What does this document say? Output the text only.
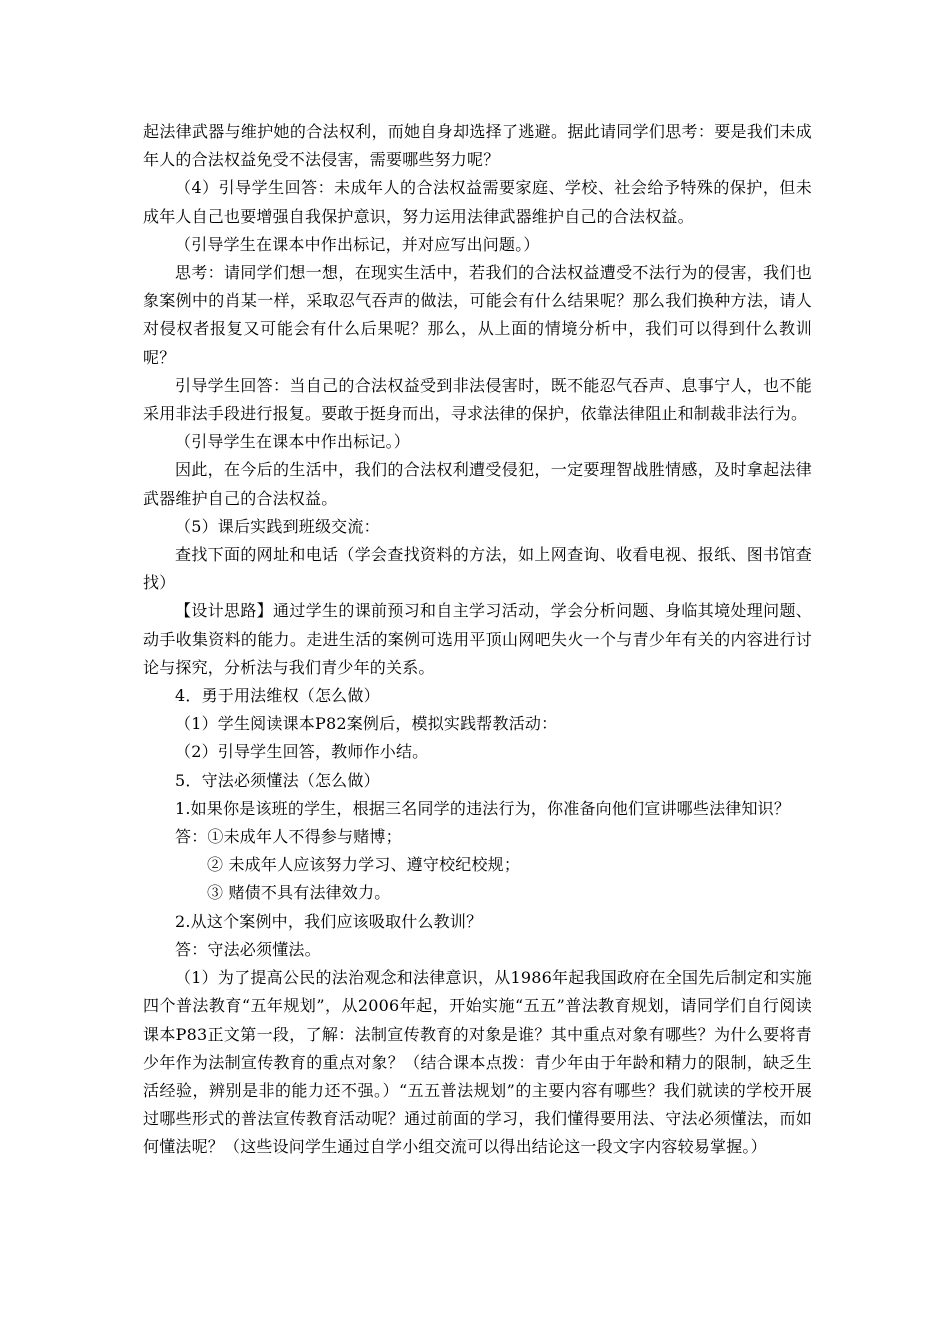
起法律武器与维护她的合法权利，而她自身却选择了逃避。据此请同学们思考：要是我们未成年人的合法权益免受不法侵害，需要哪些努力呢？

（4）引导学生回答：未成年人的合法权益需要家庭、学校、社会给予特殊的保护，但未成年人自己也要增强自我保护意识，努力运用法律武器维护自己的合法权益。

（引导学生在课本中作出标记，并对应写出问题。）

思考：请同学们想一想，在现实生活中，若我们的合法权益遭受不法行为的侵害，我们也象案例中的肖某一样，采取忍气吞声的做法，可能会有什么结果呢？那么我们换种方法，请人对侵权者报复又可能会有什么后果呢？那么，从上面的情境分析中，我们可以得到什么教训呢？

引导学生回答：当自己的合法权益受到非法侵害时，既不能忍气吞声、息事宁人，也不能采用非法手段进行报复。要敢于挺身而出，寻求法律的保护，依靠法律阻止和制裁非法行为。

（引导学生在课本中作出标记。）

因此，在今后的生活中，我们的合法权利遭受侵犯，一定要理智战胜情感，及时拿起法律武器维护自己的合法权益。

（5）课后实践到班级交流：

查找下面的网址和电话（学会查找资料的方法，如上网查询、收看电视、报纸、图书馆查找）

【设计思路】通过学生的课前预习和自主学习活动，学会分析问题、身临其境处理问题、动手收集资料的能力。走进生活的案例可选用平顶山网吧失火一个与青少年有关的内容进行讨论与探究，分析法与我们青少年的关系。

4．勇于用法维权（怎么做）

（1）学生阅读课本P82案例后，模拟实践帮教活动：

（2）引导学生回答，教师作小结。

5．守法必须懂法（怎么做）

1.如果你是该班的学生，根据三名同学的违法行为，你准备向他们宣讲哪些法律知识？

答：①未成年人不得参与赌博；

② 未成年人应该努力学习、遵守校纪校规；

③ 赌债不具有法律效力。

2.从这个案例中，我们应该吸取什么教训？

答：守法必须懂法。

（1）为了提高公民的法治观念和法律意识，从1986年起我国政府在全国先后制定和实施四个普法教育“五年规划”，从2006年起，开始实施“五五”普法教育规划，请同学们自行阅读课本P83正文第一段，了解：法制宣传教育的对象是谁？其中重点对象有哪些？为什么要将青少年作为法制宣传教育的重点对象？（结合课本点拨：青少年由于年龄和精力的限制，缺乏生活经验，辨别是非的能力还不强。）“五五普法规划”的主要内容有哪些？我们就读的学校开展过哪些形式的普法宣传教育活动呢？通过前面的学习，我们懂得要用法、守法必须懂法，而如何懂法呢？（这些设问学生通过自学小组交流可以得出结论这一段文字内容较易掌握。）
